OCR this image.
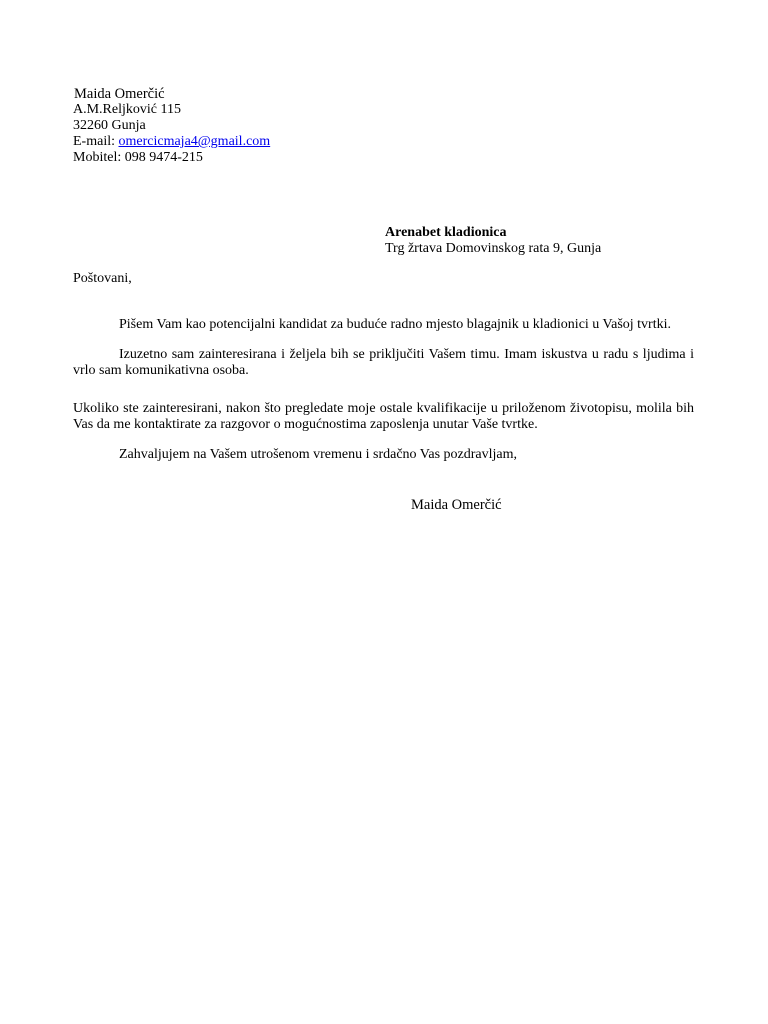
Maida Omerčić
A.M.Reljković 115
32260 Gunja
E-mail: omercicmaja4@gmail.com
Mobitel: 098 9474-215
Arenabet kladionica
Trg žrtava Domovinskog rata 9, Gunja
Poštovani,
Pišem Vam kao potencijalni kandidat za buduće radno mjesto blagajnik u kladionici u Vašoj tvrtki.
Izuzetno sam zainteresirana i željela bih se priključiti Vašem timu. Imam iskustva u radu s ljudima i
vrlo sam komunikativna osoba.
Ukoliko ste zainteresirani, nakon što pregledate moje ostale kvalifikacije u priloženom životopisu, molila bih
Vas da me kontaktirate za razgovor o mogućnostima zaposlenja unutar Vaše tvrtke.
Zahvaljujem na Vašem utrošenom vremenu i srdačno Vas pozdravljam,
Maida Omerčić
